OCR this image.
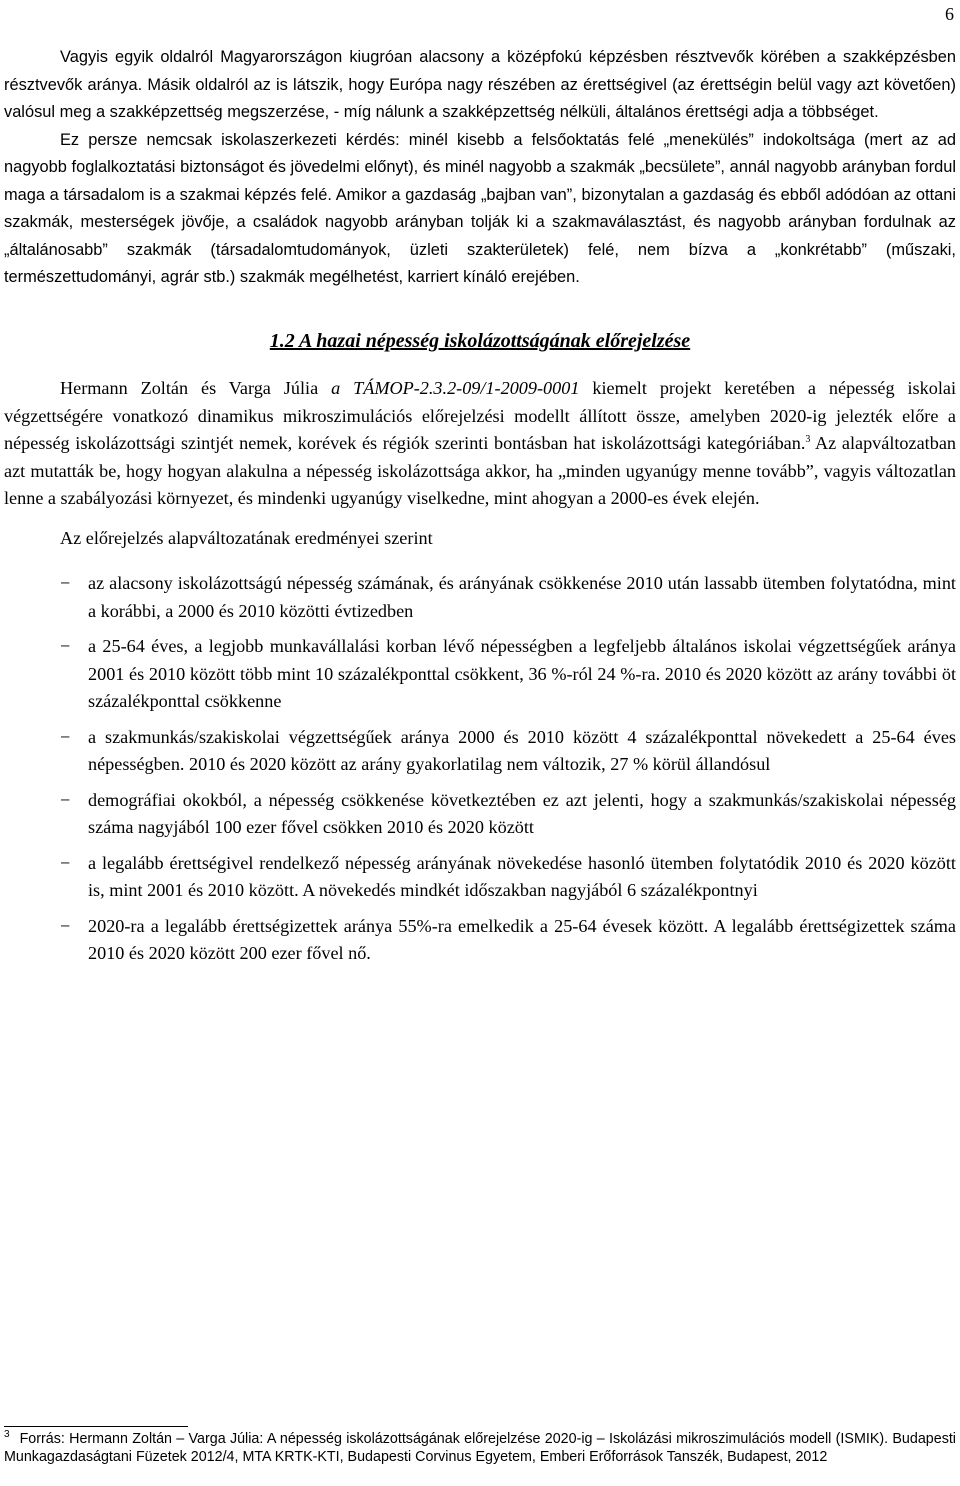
6

Vagyis egyik oldalról Magyarországon kiugróan alacsony a középfokú képzésben résztvevők körében a szakképzésben résztvevők aránya. Másik oldalról az is látszik, hogy Európa nagy részében az érettségivel (az érettségin belül vagy azt követően) valósul meg a szakképzettség megszerzése, - míg nálunk a szakképzettség nélküli, általános érettségi adja a többséget.

Ez persze nemcsak iskolaszerkezeti kérdés: minél kisebb a felsőoktatás felé „menekülés” indokoltsága (mert az ad nagyobb foglalkoztatási biztonságot és jövedelmi előnyt), és minél nagyobb a szakmák „becsülete”, annál nagyobb arányban fordul maga a társadalom is a szakmai képzés felé. Amikor a gazdaság „bajban van”, bizonytalan a gazdaság és ebből adódóan az ottani szakmák, mesterségek jövője, a családok nagyobb arányban tolják ki a szakmaválasztást, és nagyobb arányban fordulnak az „általánosabb” szakmák (társadalomtudományok, üzleti szakterületek) felé, nem bízva a „konkrétabb” (műszaki, természettudományi, agrár stb.) szakmák megélhetést, karriert kínáló erejében.

1.2 A hazai népesség iskolázottságának előrejelzése

Hermann Zoltán és Varga Júlia a TÁMOP-2.3.2-09/1-2009-0001 kiemelt projekt keretében a népesség iskolai végzettségére vonatkozó dinamikus mikroszimulációs előrejelzési modellt állított össze, amelyben 2020-ig jelezték előre a népesség iskolázottsági szintjét nemek, korévek és régiók szerinti bontásban hat iskolázottsági kategóriában.$^3$ Az alapváltozatban azt mutatták be, hogy hogyan alakulna a népesség iskolázottsága akkor, ha „minden ugyanúgy menne tovább”, vagyis változatlan lenne a szabályozási környezet, és mindenki ugyanúgy viselkedne, mint ahogyan a 2000-es évek elején.

Az előrejelzés alapváltozatának eredményei szerint

− az alacsony iskolázottságú népesség számának, és arányának csökkenése 2010 után lassabb ütemben folytatódna, mint a korábbi, a 2000 és 2010 közötti évtizedben
− a 25-64 éves, a legjobb munkavállalási korban lévő népességben a legfeljebb általános iskolai végzettségűek aránya 2001 és 2010 között több mint 10 százalékponttal csökkent, 36 %-ról 24 %-ra. 2010 és 2020 között az arány további öt százalékponttal csökkenne
− a szakmunkás/szakiskolai végzettségűek aránya 2000 és 2010 között 4 százalékponttal növekedett a 25-64 éves népességben. 2010 és 2020 között az arány gyakorlatilag nem változik, 27 % körül állandósul
− demográfiai okokból, a népesség csökkenése következtében ez azt jelenti, hogy a szakmunkás/szakiskolai népesség száma nagyjából 100 ezer fővel csökken 2010 és 2020 között
− a legalább érettségivel rendelkező népesség arányának növekedése hasonló ütemben folytatódik 2010 és 2020 között is, mint 2001 és 2010 között. A növekedés mindkét időszakban nagyjából 6 százalékpontnyi
− 2020-ra a legalább érettségizettek aránya 55%-ra emelkedik a 25-64 évesek között. A legalább érettségizettek száma 2010 és 2020 között 200 ezer fővel nő.
$^3$ Forrás: Hermann Zoltán – Varga Júlia: A népesség iskolázottságának előrejelzése 2020-ig – Iskolázási mikroszimulációs modell (ISMIK). Budapesti Munkagazdaságtani Füzetek 2012/4, MTA KRTK-KTI, Budapesti Corvinus Egyetem, Emberi Erőforrások Tanszék, Budapest, 2012
